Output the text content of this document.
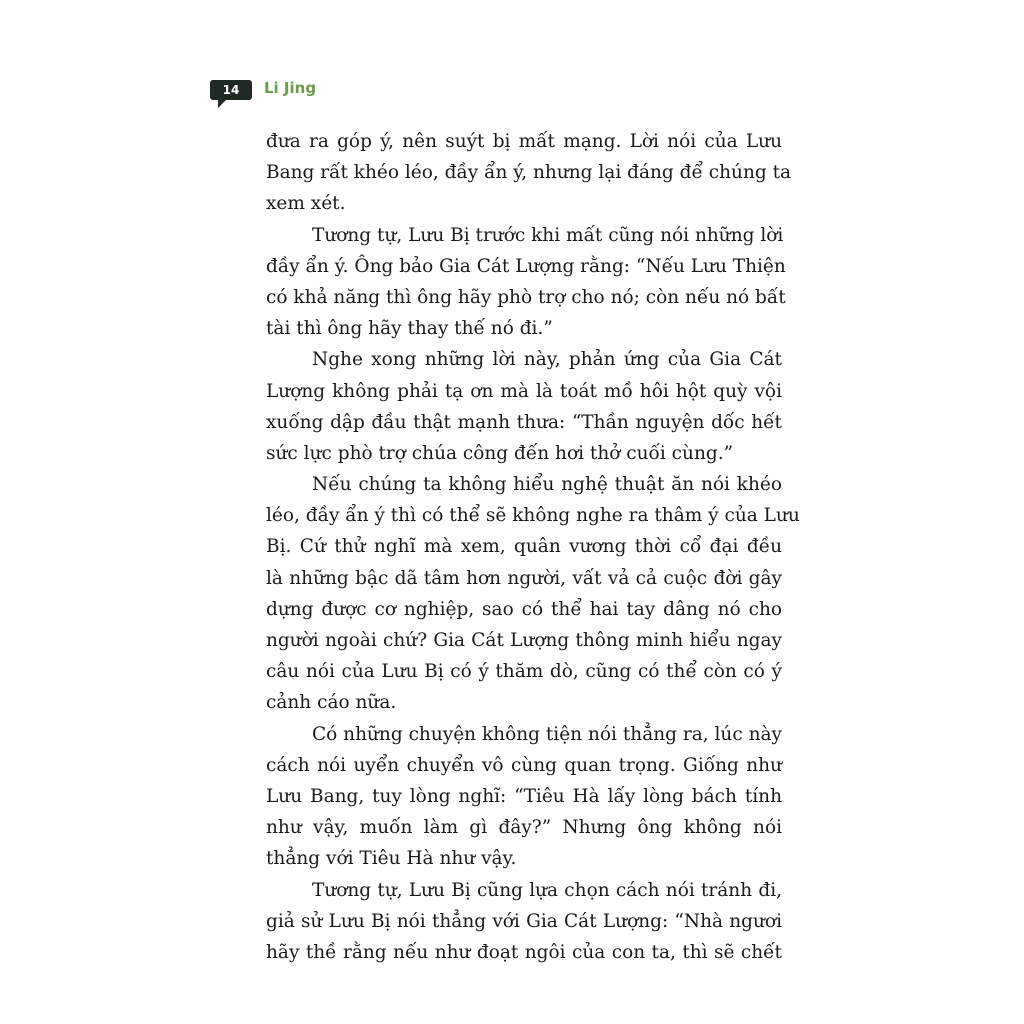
14	Li Jing
đưa ra góp ý, nên suýt bị mất mạng. Lời nói của Lưu
Bang rất khéo léo, đầy ẩn ý, nhưng lại đáng để chúng ta
xem xét.
Tương tự, Lưu Bị trước khi mất cũng nói những lời
đầy ẩn ý. Ông bảo Gia Cát Lượng rằng: “Nếu Lưu Thiện
có khả năng thì ông hãy phò trợ cho nó; còn nếu nó bất
tài thì ông hãy thay thế nó đi.”
Nghe xong những lời này, phản ứng của Gia Cát
Lượng không phải tạ ơn mà là toát mồ hôi hột quỳ vội
xuống dập đầu thật mạnh thưa: “Thần nguyện dốc hết
sức lực phò trợ chúa công đến hơi thở cuối cùng.”
Nếu chúng ta không hiểu nghệ thuật ăn nói khéo
léo, đầy ẩn ý thì có thể sẽ không nghe ra thâm ý của Lưu
Bị. Cứ thử nghĩ mà xem, quân vương thời cổ đại đều
là những bậc dã tâm hơn người, vất vả cả cuộc đời gây
dựng được cơ nghiệp, sao có thể hai tay dâng nó cho
người ngoài chứ? Gia Cát Lượng thông minh hiểu ngay
câu nói của Lưu Bị có ý thăm dò, cũng có thể còn có ý
cảnh cáo nữa.
Có những chuyện không tiện nói thẳng ra, lúc này
cách nói uyển chuyển vô cùng quan trọng. Giống như
Lưu Bang, tuy lòng nghĩ: “Tiêu Hà lấy lòng bách tính
như vậy, muốn làm gì đây?” Nhưng ông không nói
thẳng với Tiêu Hà như vậy.
Tương tự, Lưu Bị cũng lựa chọn cách nói tránh đi,
giả sử Lưu Bị nói thẳng với Gia Cát Lượng: “Nhà ngươi
hãy thề rằng nếu như đoạt ngôi của con ta, thì sẽ chết
